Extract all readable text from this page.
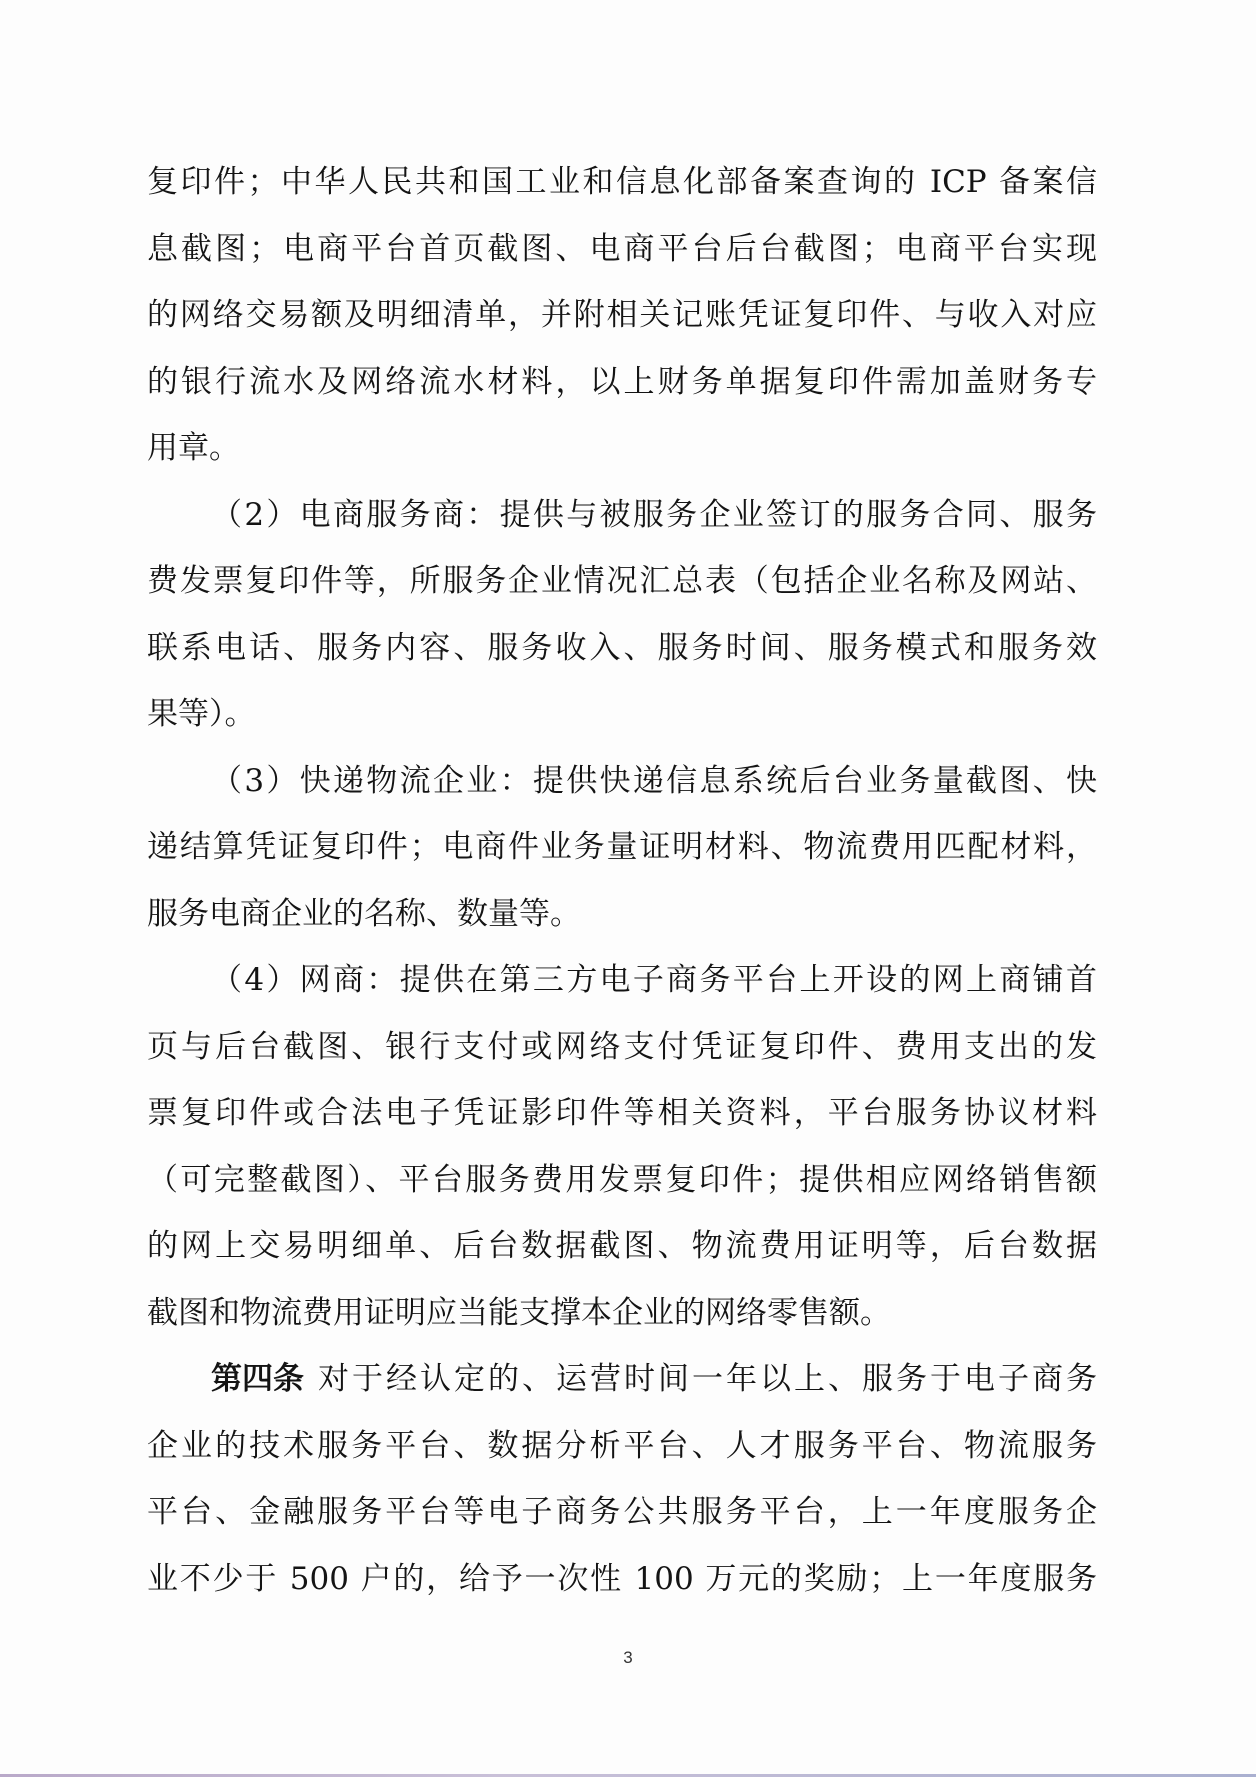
复印件；中华人民共和国工业和信息化部备案查询的 ICP 备案信
息截图；电商平台首页截图、电商平台后台截图；电商平台实现
的网络交易额及明细清单，并附相关记账凭证复印件、与收入对应
的银行流水及网络流水材料，以上财务单据复印件需加盖财务专
用章。
（2）电商服务商：提供与被服务企业签订的服务合同、服务
费发票复印件等，所服务企业情况汇总表（包括企业名称及网站、
联系电话、服务内容、服务收入、服务时间、服务模式和服务效
果等）。
（3）快递物流企业：提供快递信息系统后台业务量截图、快
递结算凭证复印件；电商件业务量证明材料、物流费用匹配材料，
服务电商企业的名称、数量等。
（4）网商：提供在第三方电子商务平台上开设的网上商铺首
页与后台截图、银行支付或网络支付凭证复印件、费用支出的发
票复印件或合法电子凭证影印件等相关资料，平台服务协议材料
（可完整截图）、平台服务费用发票复印件；提供相应网络销售额
的网上交易明细单、后台数据截图、物流费用证明等，后台数据
截图和物流费用证明应当能支撑本企业的网络零售额。
第四条 对于经认定的、运营时间一年以上、服务于电子商务
企业的技术服务平台、数据分析平台、人才服务平台、物流服务
平台、金融服务平台等电子商务公共服务平台，上一年度服务企
业不少于 500 户的，给予一次性 100 万元的奖励；上一年度服务
3
